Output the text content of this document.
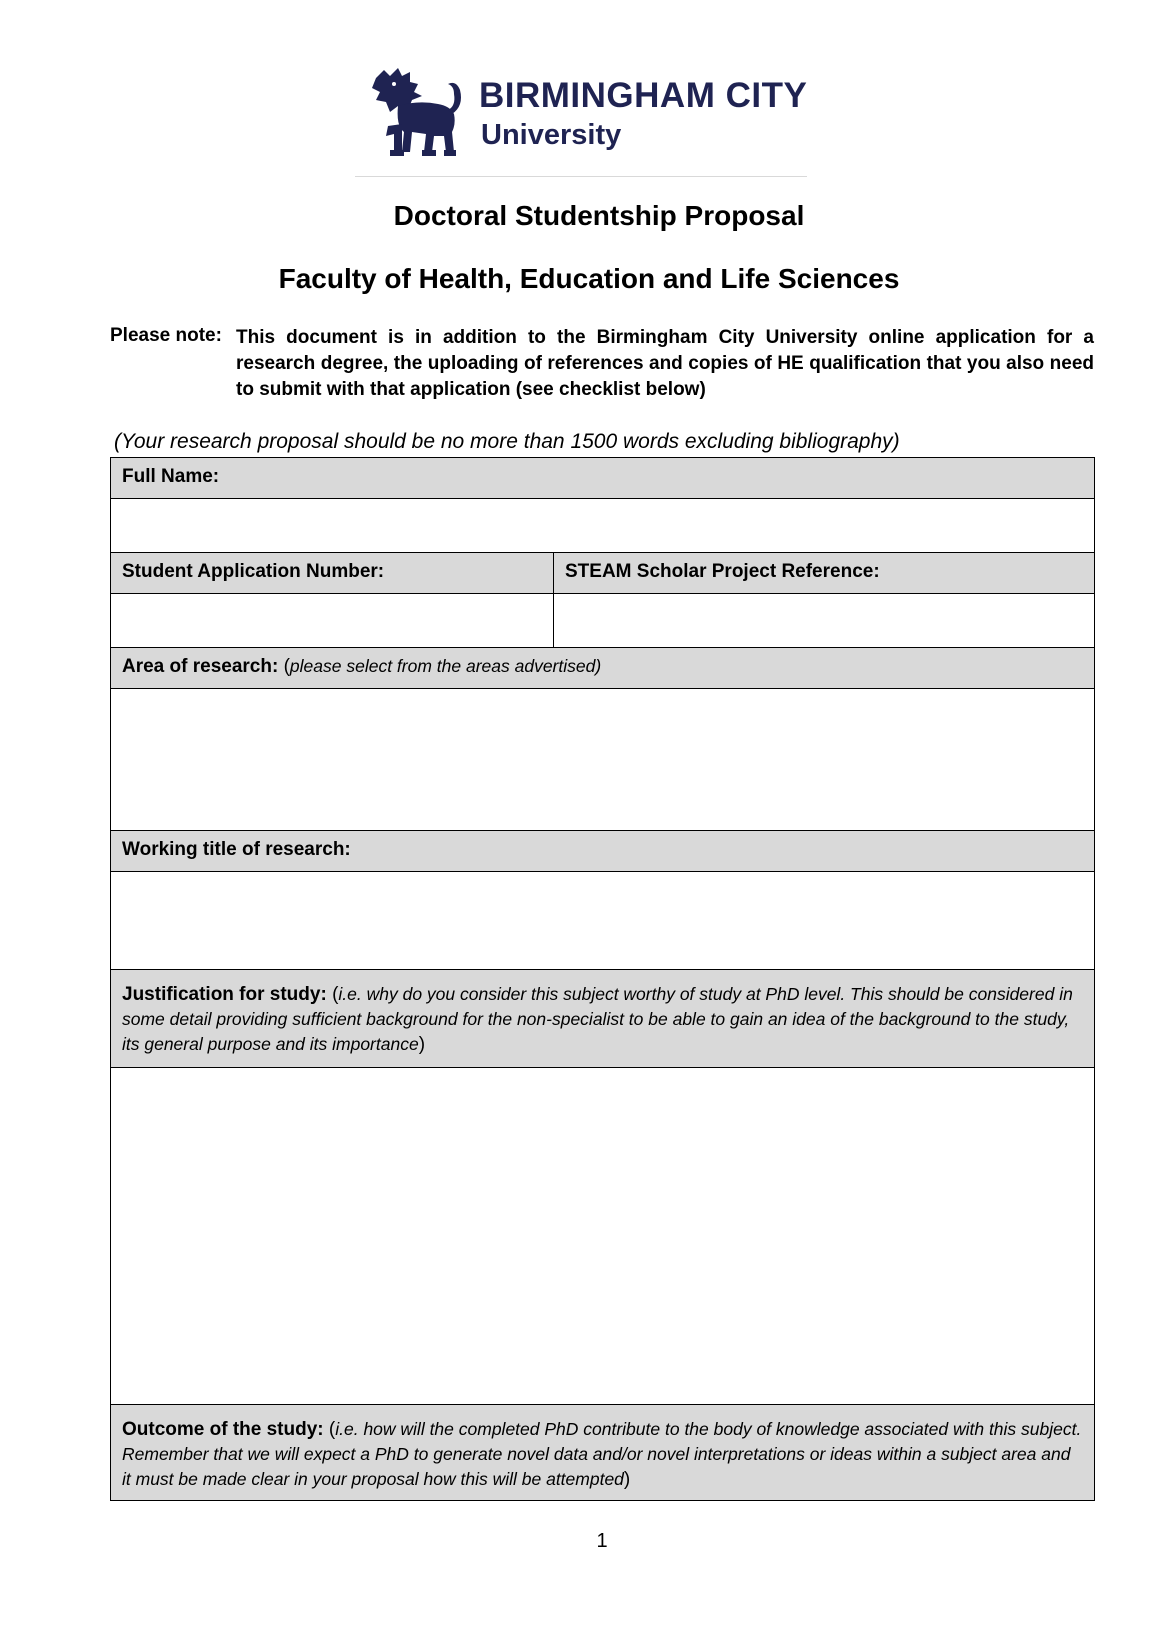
BIRMINGHAM CITY
University
Doctoral Studentship Proposal
Faculty of Health, Education and Life Sciences
Please note: This document is in addition to the Birmingham City University online application for a research degree, the uploading of references and copies of HE qualification that you also need to submit with that application (see checklist below)
(Your research proposal should be no more than 1500 words excluding bibliography)
Full Name:	

Student Application Number:	STEAM Scholar Project Reference:

Area of research: (please select from the areas advertised)	

Working title of research:	

Justification for study: (i.e. why do you consider this subject worthy of study at PhD level. This should be considered in some detail providing sufficient background for the non-specialist to be able to gain an idea of the background to the study, its general purpose and its importance)	

Outcome of the study: (i.e. how will the completed PhD contribute to the body of knowledge associated with this subject. Remember that we will expect a PhD to generate novel data and/or novel interpretations or ideas within a subject area and it must be made clear in your proposal how this will be attempted)	
1
